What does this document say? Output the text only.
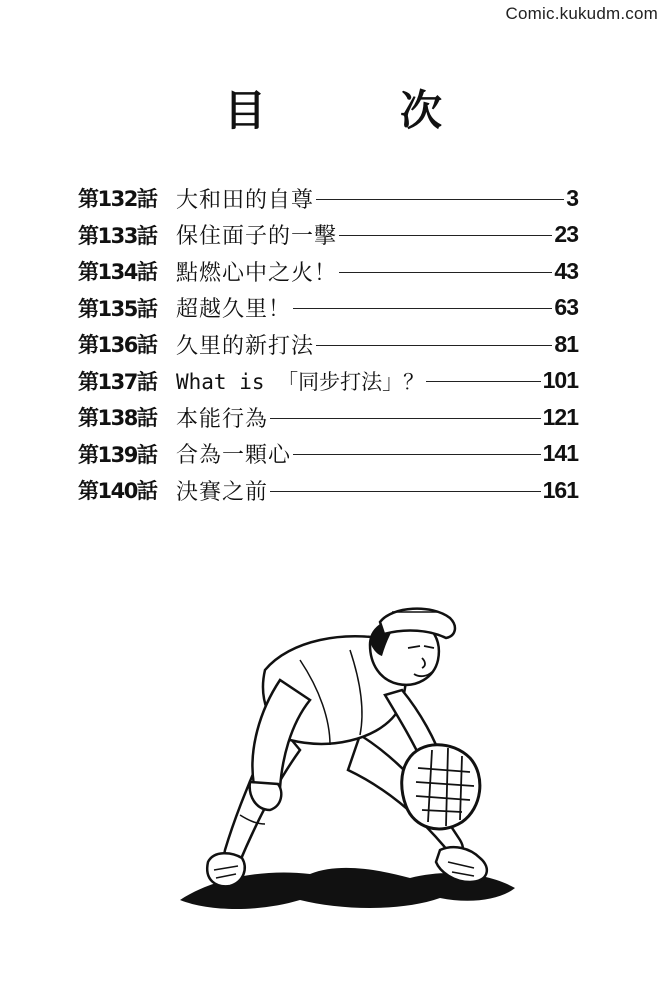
Comic.kukudm.com
目　次
第132話 大和田的自尊	3
第133話 保住面子的一擊	23
第134話 點燃心中之火！	43
第135話 超越久里！	63
第136話 久里的新打法	81
第137話 What is 「同步打法」？	101
第138話 本能行為	121
第139話 合為一顆心	141
第140話 決賽之前	161
